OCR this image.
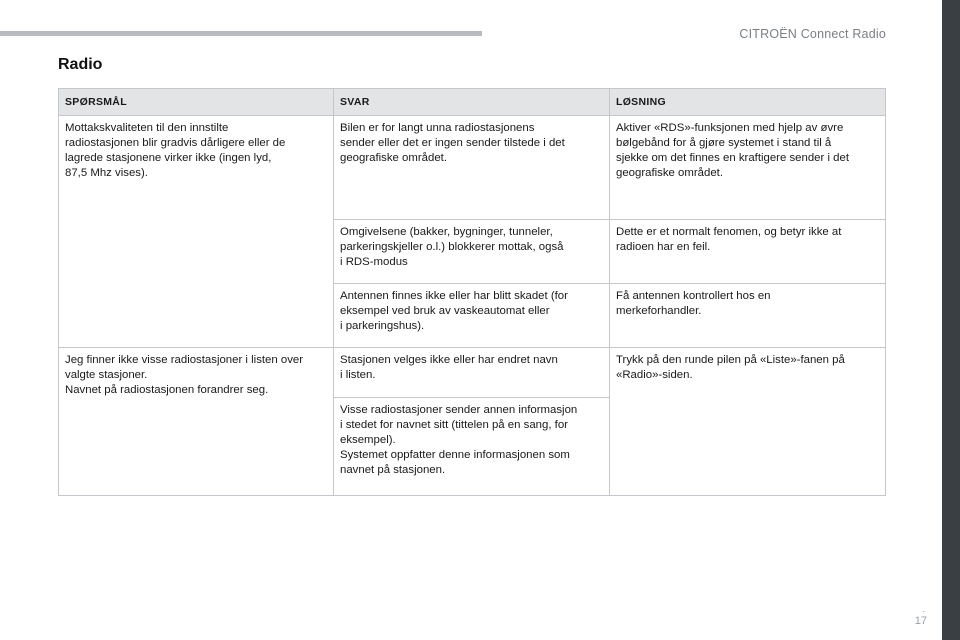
CITROËN Connect Radio
Radio
SPØRSMÅL	SVAR	LØSNING

Mottakskvaliteten til den innstilte
radiostasjonen blir gradvis dårligere eller de
lagrede stasjonene virker ikke (ingen lyd,
87,5 Mhz vises).	Bilen er for langt unna radiostasjonens
sender eller det er ingen sender tilstede i det
geografiske området.	Aktiver «RDS»-funksjonen med hjelp av øvre
bølgebånd for å gjøre systemet i stand til å
sjekke om det finnes en kraftigere sender i det
geografiske området.

	Omgivelsene (bakker, bygninger, tunneler,
parkeringskjeller o.l.) blokkerer mottak, også
i RDS-modus	Dette er et normalt fenomen, og betyr ikke at
radioen har en feil.

	Antennen finnes ikke eller har blitt skadet (for
eksempel ved bruk av vaskeautomat eller
i parkeringshus).	Få antennen kontrollert hos en
merkeforhandler.

Jeg finner ikke visse radiostasjoner i listen over
valgte stasjoner.
Navnet på radiostasjonen forandrer seg.	Stasjonen velges ikke eller har endret navn
i listen.	Trykk på den runde pilen på «Liste»-fanen på
«Radio»-siden.

	Visse radiostasjoner sender annen informasjon
i stedet for navnet sitt (tittelen på en sang, for
eksempel).
Systemet oppfatter denne informasjonen som
navnet på stasjonen.	
.
17
